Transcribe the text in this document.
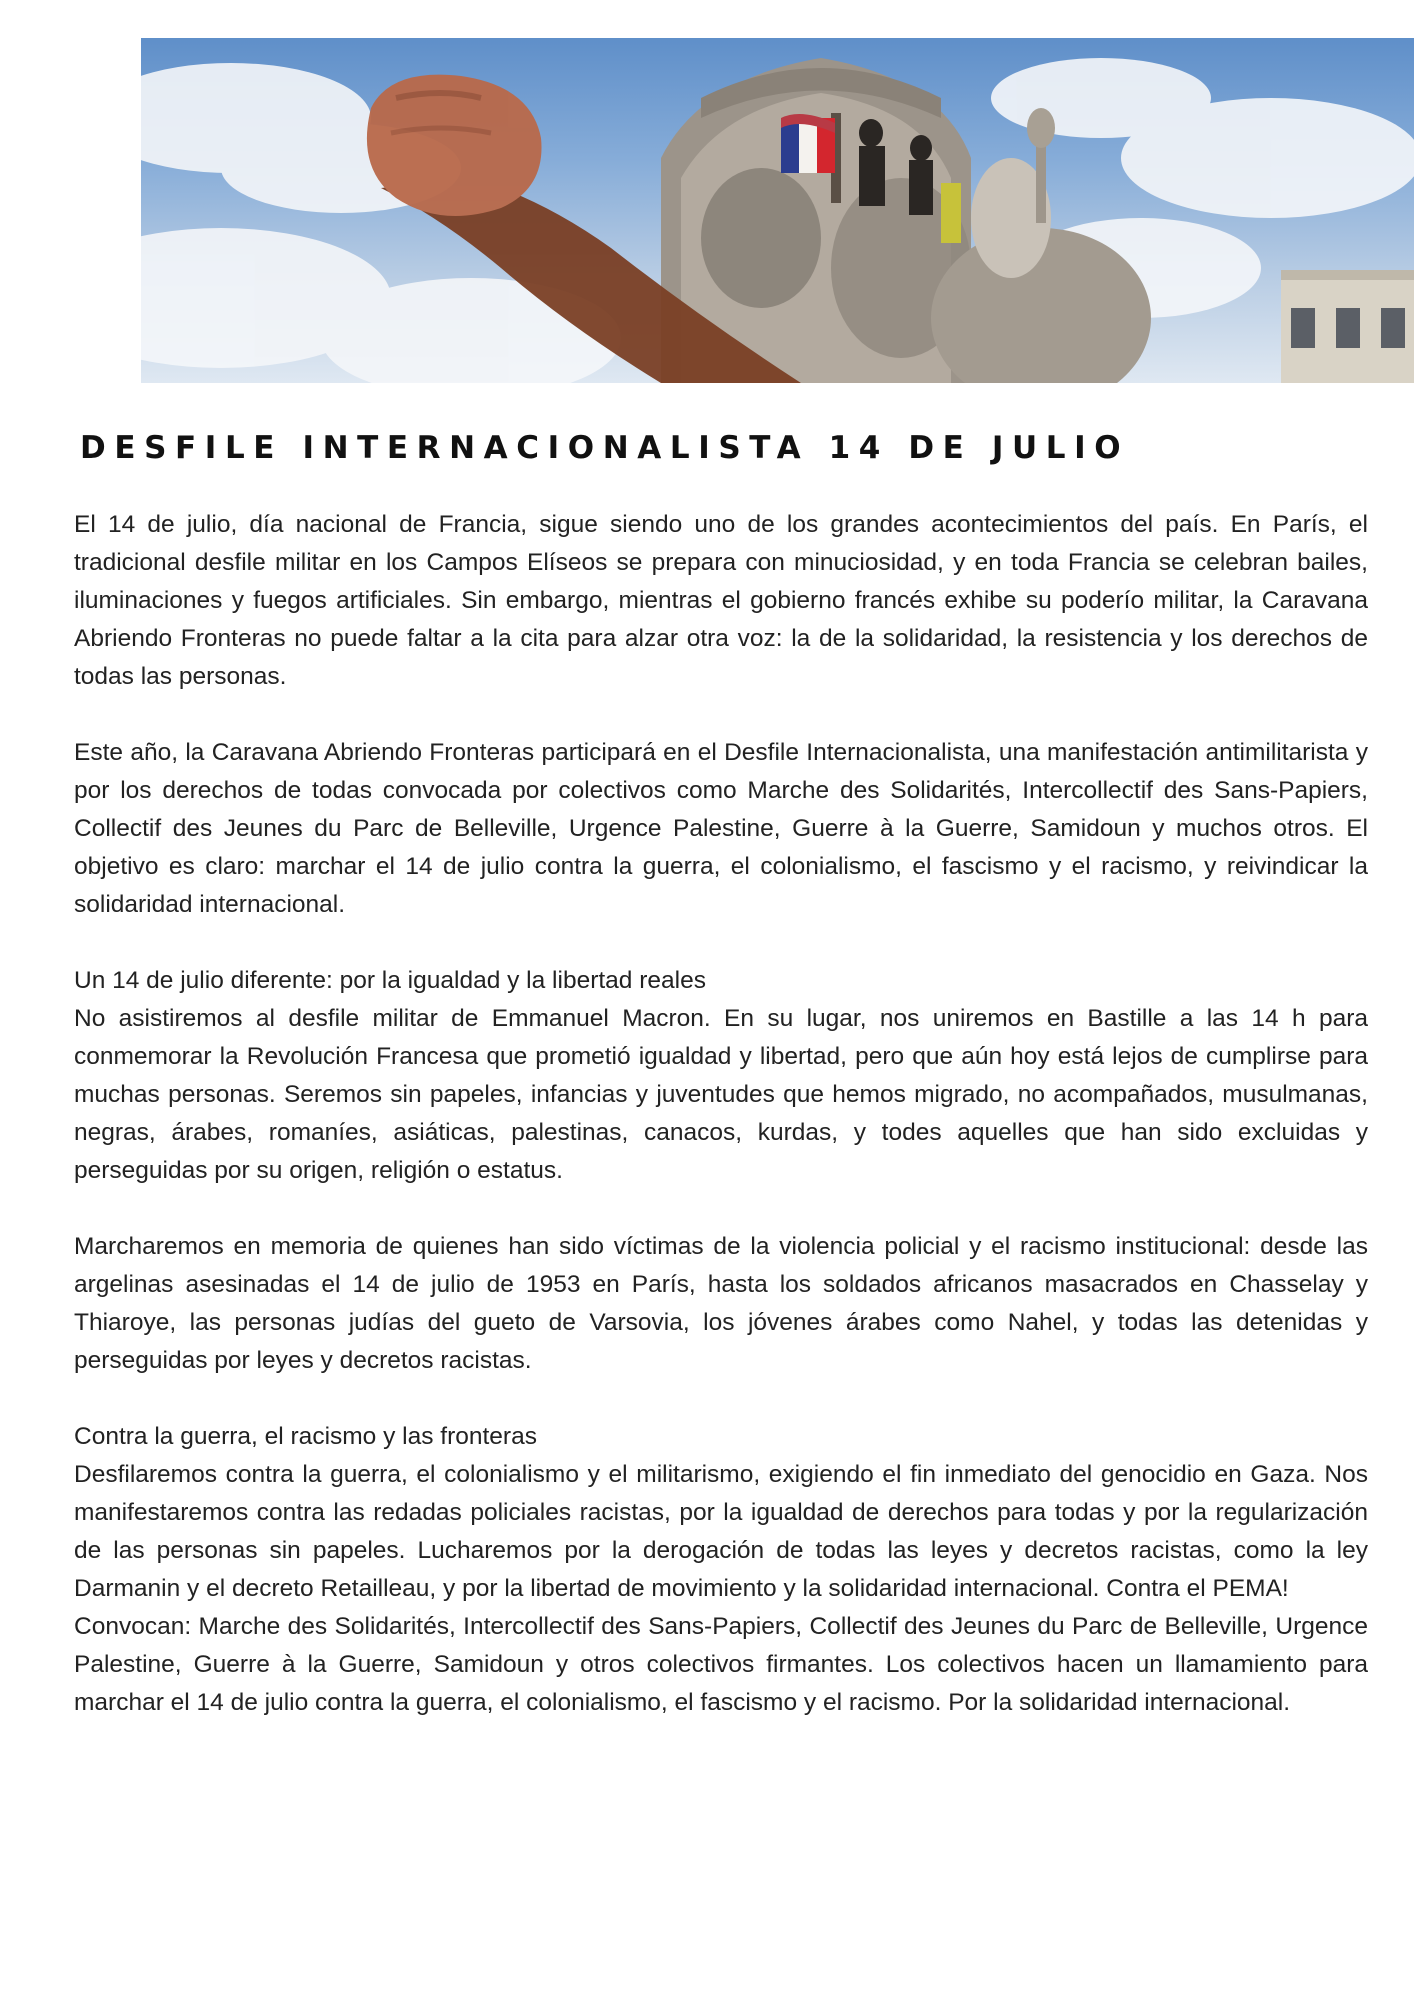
DESFILE INTERNACIONALISTA 14 DE JULIO

El 14 de julio, día nacional de Francia, sigue siendo uno de los grandes acontecimientos del país. En París, el tradicional desfile militar en los Campos Elíseos se prepara con minuciosidad, y en toda Francia se celebran bailes, iluminaciones y fuegos artificiales. Sin embargo, mientras el gobierno francés exhibe su poderío militar, la Caravana Abriendo Fronteras no puede faltar a la cita para alzar otra voz: la de la solidaridad, la resistencia y los derechos de todas las personas.

Este año, la Caravana Abriendo Fronteras participará en el Desfile Internacionalista, una manifestación antimilitarista y por los derechos de todas convocada por colectivos como Marche des Solidarités, Intercollectif des Sans-Papiers, Collectif des Jeunes du Parc de Belleville, Urgence Palestine, Guerre à la Guerre, Samidoun y muchos otros. El objetivo es claro: marchar el 14 de julio contra la guerra, el colonialismo, el fascismo y el racismo, y reivindicar la solidaridad internacional.

Un 14 de julio diferente: por la igualdad y la libertad reales
No asistiremos al desfile militar de Emmanuel Macron. En su lugar, nos uniremos en Bastille a las 14 h para conmemorar la Revolución Francesa que prometió igualdad y libertad, pero que aún hoy está lejos de cumplirse para muchas personas. Seremos sin papeles, infancias y juventudes que hemos migrado, no acompañados, musulmanas, negras, árabes, romaníes, asiáticas, palestinas, canacos, kurdas, y todes aquelles que han sido excluidas y perseguidas por su origen, religión o estatus.

Marcharemos en memoria de quienes han sido víctimas de la violencia policial y el racismo institucional: desde las argelinas asesinadas el 14 de julio de 1953 en París, hasta los soldados africanos masacrados en Chasselay y Thiaroye, las personas judías del gueto de Varsovia, los jóvenes árabes como Nahel, y todas las detenidas y perseguidas por leyes y decretos racistas.

Contra la guerra, el racismo y las fronteras
Desfilaremos contra la guerra, el colonialismo y el militarismo, exigiendo el fin inmediato del genocidio en Gaza. Nos manifestaremos contra las redadas policiales racistas, por la igualdad de derechos para todas y por la regularización de las personas sin papeles. Lucharemos por la derogación de todas las leyes y decretos racistas, como la ley Darmanin y el decreto Retailleau, y por la libertad de movimiento y la solidaridad internacional. Contra el PEMA!

Convocan: Marche des Solidarités, Intercollectif des Sans-Papiers, Collectif des Jeunes du Parc de Belleville, Urgence Palestine, Guerre à la Guerre, Samidoun y otros colectivos firmantes. Los colectivos hacen un llamamiento para marchar el 14 de julio contra la guerra, el colonialismo, el fascismo y el racismo. Por la solidaridad internacional.
